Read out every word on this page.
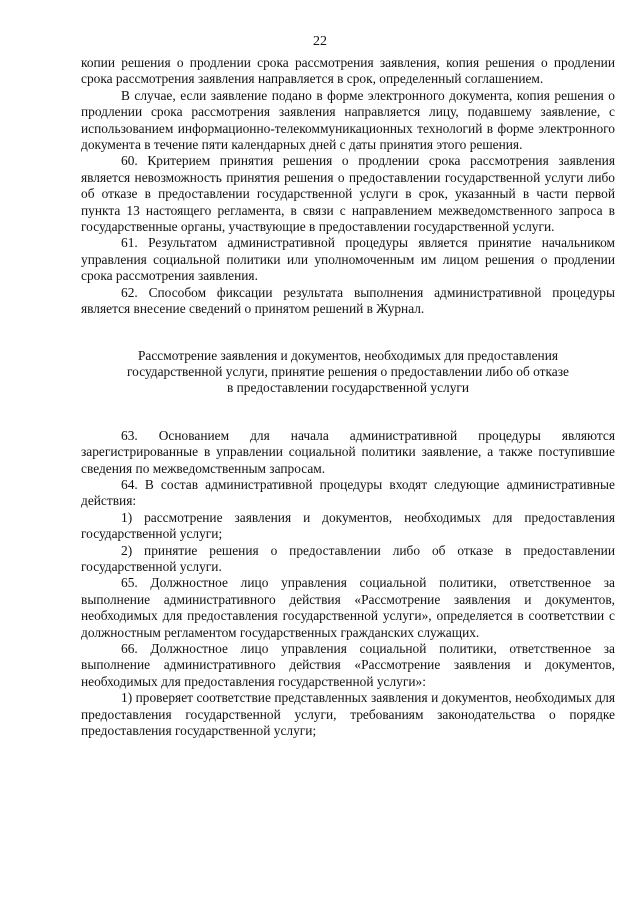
22

копии решения о продлении срока рассмотрения заявления, копия решения о продлении срока рассмотрения заявления направляется в срок, определенный соглашением.

В случае, если заявление подано в форме электронного документа, копия решения о продлении срока рассмотрения заявления направляется лицу, подавшему заявление, с использованием информационно-телекоммуникационных технологий в форме электронного документа в течение пяти календарных дней с даты принятия этого решения.

60. Критерием принятия решения о продлении срока рассмотрения заявления является невозможность принятия решения о предоставлении государственной услуги либо об отказе в предоставлении государственной услуги в срок, указанный в части первой пункта 13 настоящего регламента, в связи с направлением межведомственного запроса в государственные органы, участвующие в предоставлении государственной услуги.

61. Результатом административной процедуры является принятие начальником управления социальной политики или уполномоченным им лицом решения о продлении срока рассмотрения заявления.

62. Способом фиксации результата выполнения административной процедуры является внесение сведений о принятом решений в Журнал.

Рассмотрение заявления и документов, необходимых для предоставления
государственной услуги, принятие решения о предоставлении либо об отказе
в предоставлении государственной услуги

63. Основанием для начала административной процедуры являются зарегистрированные в управлении социальной политики заявление, а также поступившие сведения по межведомственным запросам.

64. В состав административной процедуры входят следующие административные действия:

1) рассмотрение заявления и документов, необходимых для предоставления государственной услуги;

2) принятие решения о предоставлении либо об отказе в предоставлении государственной услуги.

65. Должностное лицо управления социальной политики, ответственное за выполнение административного действия «Рассмотрение заявления и документов, необходимых для предоставления государственной услуги», определяется в соответствии с должностным регламентом государственных гражданских служащих.

66. Должностное лицо управления социальной политики, ответственное за выполнение административного действия «Рассмотрение заявления и документов, необходимых для предоставления государственной услуги»:

1) проверяет соответствие представленных заявления и документов, необходимых для предоставления государственной услуги, требованиям законодательства о порядке предоставления государственной услуги;
